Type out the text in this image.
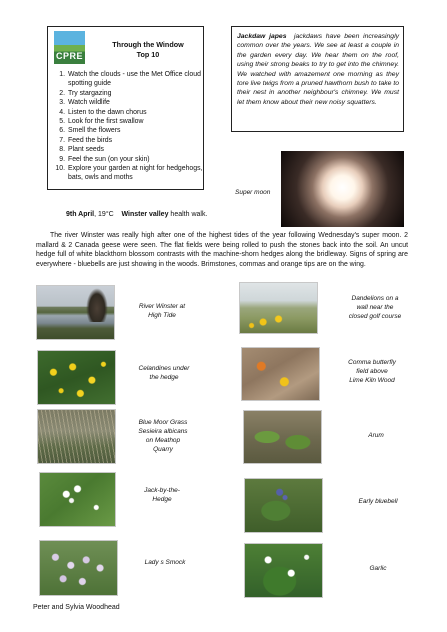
CPRE
Through the Window
Top 10
1. Watch the clouds - use the Met Office cloud spotting guide
2. Try stargazing
3. Watch wildlife
4. Listen to the dawn chorus
5. Look for the first swallow
6. Smell the flowers
7. Feed the birds
8. Plant seeds
9. Feel the sun (on your skin)
10. Explore your garden at night for hedgehogs, bats, owls and moths
Jackdaw japes jackdaws have been increasingly common over the years. We see at least a couple in the garden every day. We hear them on the roof, using their strong beaks to try to get into the chimney. We watched with amazement one morning as they tore live twigs from a pruned hawthorn bush to take to their nest in another neighbour's chimney. We must let them know about their new noisy squatters.
Super moon
9th April, 19°C Winster valley health walk.
The river Winster was really high after one of the highest tides of the year following Wednesday's super moon. 2 mallard & 2 Canada geese were seen. The flat fields were being rolled to push the stones back into the soil. An uncut hedge full of white blackthorn blossom contrasts with the machine-shorn hedges along the bridleway. Signs of spring are everywhere - bluebells are just showing in the woods. Brimstones, commas and orange tips are on the wing.
River Winster at
High Tide
Celandines under
the hedge
Blue Moor Grass
Sesieira albicans
on Meathop
Quarry
Jack-by-the-
Hedge
Lady s Smock
Dandelions on a
wall near the
closed golf course
Comma butterfly
field above
Lime Kiln Wood
Arum
Early bluebell
Garlic
Peter and Sylvia Woodhead
